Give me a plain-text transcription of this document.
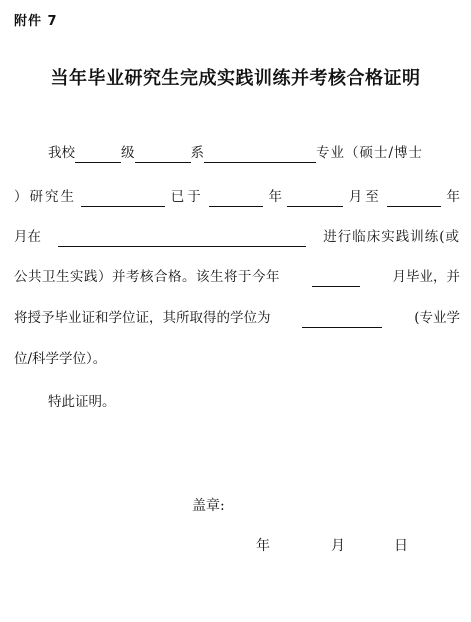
附件 7
当年毕业研究生完成实践训练并考核合格证明
我校	级	系	专业（硕士/博士
）研究生	已于	年	月至	年
月在	进行临床实践训练(或
公共卫生实践）并考核合格。该生将于今年	月毕业，并
将授予毕业证和学位证，其所取得的学位为	(专业学
位/科学学位）。
特此证明。
盖章:
年	月	日
